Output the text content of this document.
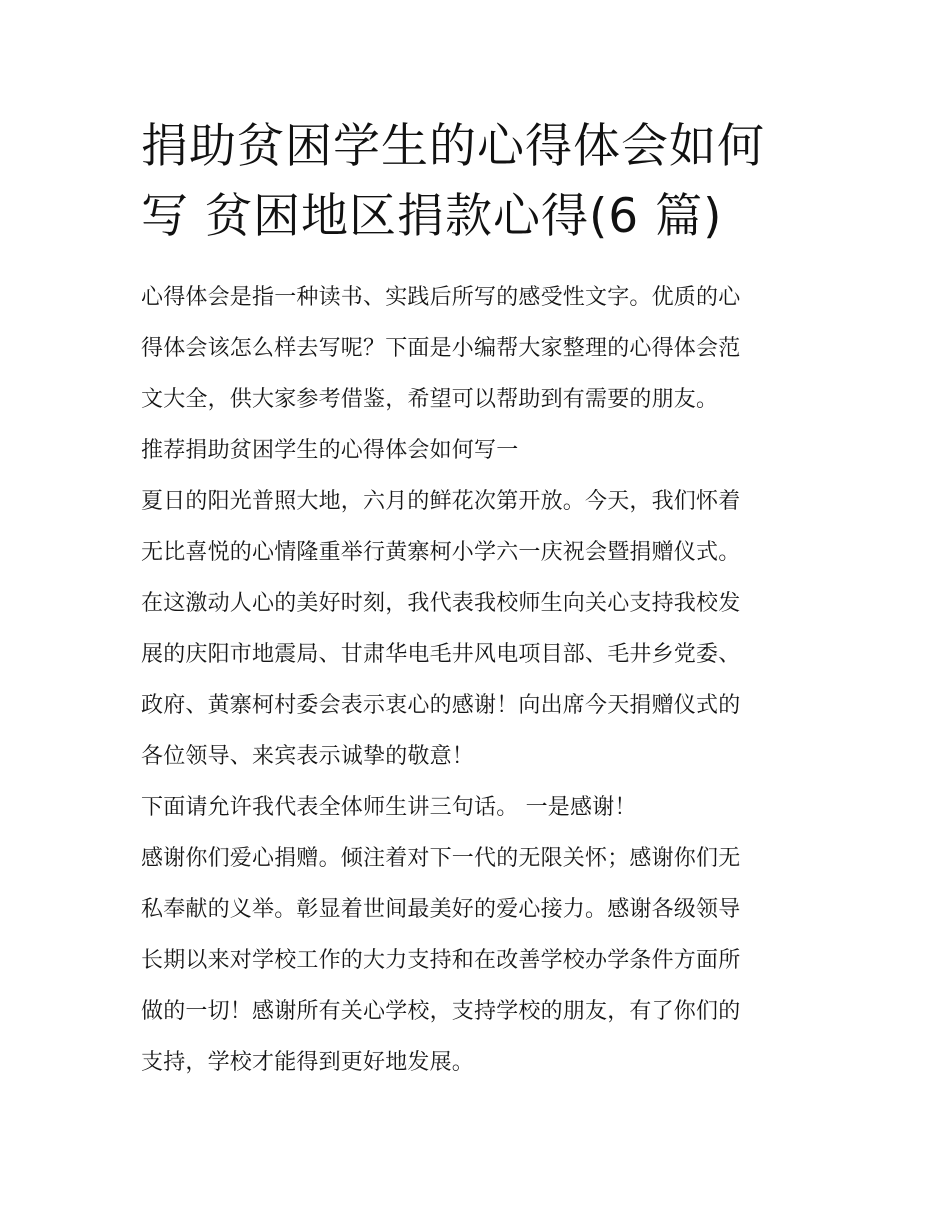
捐助贫困学生的心得体会如何
写 贫困地区捐款心得(6 篇)
心得体会是指一种读书、实践后所写的感受性文字。优质的心
得体会该怎么样去写呢？下面是小编帮大家整理的心得体会范
文大全，供大家参考借鉴，希望可以帮助到有需要的朋友。
推荐捐助贫困学生的心得体会如何写一
夏日的阳光普照大地，六月的鲜花次第开放。今天，我们怀着
无比喜悦的心情隆重举行黄寨柯小学六一庆祝会暨捐赠仪式。
在这激动人心的美好时刻，我代表我校师生向关心支持我校发
展的庆阳市地震局、甘肃华电毛井风电项目部、毛井乡党委、
政府、黄寨柯村委会表示衷心的感谢！向出席今天捐赠仪式的
各位领导、来宾表示诚挚的敬意！
下面请允许我代表全体师生讲三句话。 一是感谢！
感谢你们爱心捐赠。倾注着对下一代的无限关怀；感谢你们无
私奉献的义举。彰显着世间最美好的爱心接力。感谢各级领导
长期以来对学校工作的大力支持和在改善学校办学条件方面所
做的一切！感谢所有关心学校，支持学校的朋友，有了你们的
支持，学校才能得到更好地发展。
